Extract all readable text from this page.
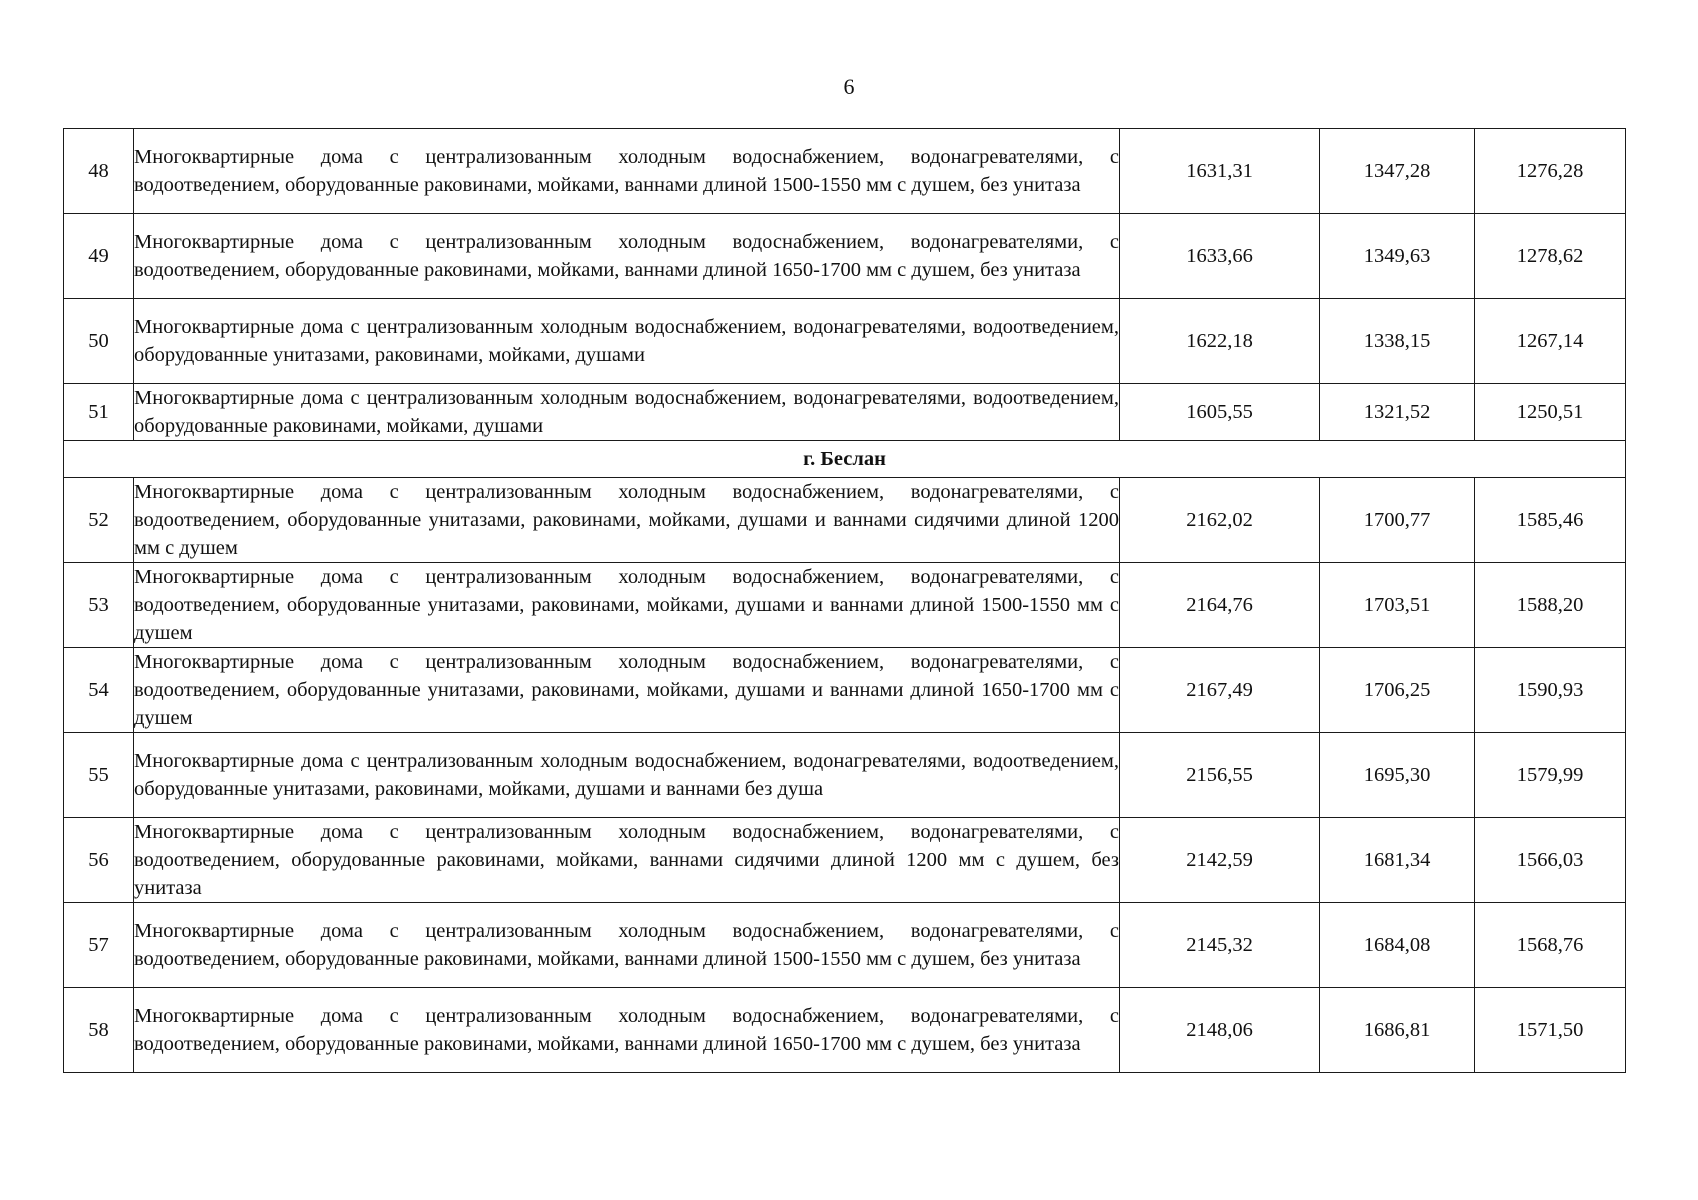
6
48	Многоквартирные дома с централизованным холодным водоснабжением, водонагревателями, с водоотведением, оборудованные раковинами, мойками, ваннами длиной 1500-1550 мм с душем, без унитаза	1631,31	1347,28	1276,28
49	Многоквартирные дома с централизованным холодным водоснабжением, водонагревателями, с водоотведением, оборудованные раковинами, мойками, ваннами длиной 1650-1700 мм с душем, без унитаза	1633,66	1349,63	1278,62
50	Многоквартирные дома с централизованным холодным водоснабжением, водонагревателями, водоотведением, оборудованные унитазами, раковинами, мойками, душами	1622,18	1338,15	1267,14
51	Многоквартирные дома с централизованным холодным водоснабжением, водонагревателями, водоотведением, оборудованные раковинами, мойками, душами	1605,55	1321,52	1250,51
г. Беслан				
52	Многоквартирные дома с централизованным холодным водоснабжением, водонагревателями, с водоотведением, оборудованные унитазами, раковинами, мойками, душами и ваннами сидячими длиной 1200 мм с душем	2162,02	1700,77	1585,46
53	Многоквартирные дома с централизованным холодным водоснабжением, водонагревателями, с водоотведением, оборудованные унитазами, раковинами, мойками, душами и ваннами длиной 1500-1550 мм с душем	2164,76	1703,51	1588,20
54	Многоквартирные дома с централизованным холодным водоснабжением, водонагревателями, с водоотведением, оборудованные унитазами, раковинами, мойками, душами и ваннами длиной 1650-1700 мм с душем	2167,49	1706,25	1590,93
55	Многоквартирные дома с централизованным холодным водоснабжением, водонагревателями, водоотведением, оборудованные унитазами, раковинами, мойками, душами и ваннами без душа	2156,55	1695,30	1579,99
56	Многоквартирные дома с централизованным холодным водоснабжением, водонагревателями, с водоотведением, оборудованные раковинами, мойками, ваннами сидячими длиной 1200 мм с душем, без унитаза	2142,59	1681,34	1566,03
57	Многоквартирные дома с централизованным холодным водоснабжением, водонагревателями, с водоотведением, оборудованные раковинами, мойками, ваннами длиной 1500-1550 мм с душем, без унитаза	2145,32	1684,08	1568,76
58	Многоквартирные дома с централизованным холодным водоснабжением, водонагревателями, с водоотведением, оборудованные раковинами, мойками, ваннами длиной 1650-1700 мм с душем, без унитаза	2148,06	1686,81	1571,50
